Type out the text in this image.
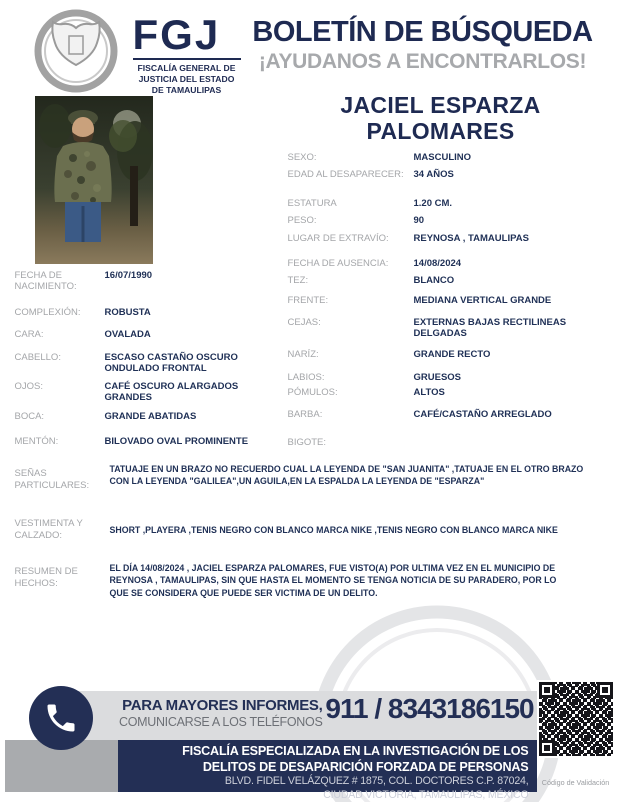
FGJ
FISCALÍA GENERAL DE JUSTICIA DEL ESTADO DE TAMAULIPAS
BOLETÍN DE BÚSQUEDA
¡AYUDANOS A ENCONTRARLOS!
JACIEL ESPARZA PALOMARES
SEXO:	MASCULINO
EDAD AL DESAPARECER: 34 AÑOS
ESTATURA	1.20 CM.
PESO:	90
LUGAR DE EXTRAVÍO:	REYNOSA , TAMAULIPAS
FECHA DE AUSENCIA:	14/08/2024
TEZ:	BLANCO
FRENTE:	MEDIANA VERTICAL GRANDE
CEJAS:	EXTERNAS BAJAS RECTILINEAS DELGADAS
NARÍZ:	GRANDE RECTO
LABIOS:	GRUESOS
PÓMULOS:	ALTOS
BARBA:	CAFÉ/CASTAÑO ARREGLADO
BIGOTE:
FECHA DE NACIMIENTO:16/07/1990
COMPLEXIÓN:	ROBUSTA
CARA:	OVALADA
CABELLO:	ESCASO CASTAÑO OSCURO ONDULADO FRONTAL
OJOS:	CAFÉ OSCURO ALARGADOS GRANDES
BOCA:	GRANDE ABATIDAS
MENTÓN:	BILOVADO OVAL PROMINENTE
SEÑAS PARTICULARES:
TATUAJE EN UN BRAZO NO RECUERDO CUAL LA LEYENDA DE "SAN JUANITA" ,TATUAJE EN EL OTRO BRAZO CON LA LEYENDA "GALILEA",UN AGUILA,EN LA ESPALDA LA LEYENDA DE "ESPARZA"
VESTIMENTA Y CALZADO:	SHORT ,PLAYERA ,TENIS NEGRO CON BLANCO MARCA NIKE ,TENIS NEGRO CON BLANCO MARCA NIKE
RESUMEN DE HECHOS:
EL DÍA 14/08/2024 , JACIEL ESPARZA PALOMARES, FUE VISTO(A) POR ULTIMA VEZ EN EL MUNICIPIO DE REYNOSA , TAMAULIPAS, SIN QUE HASTA EL MOMENTO SE TENGA NOTICIA DE SU PARADERO, POR LO QUE SE CONSIDERA QUE PUEDE SER VICTIMA DE UN DELITO.
FISCALÍA ESPECIALIZADA EN LA INVESTIGACIÓN DE LOS
DELITOS DE DESAPARICIÓN FORZADA DE PERSONAS
BLVD. FIDEL VELÁZQUEZ # 1875, COL. DOCTORES C.P. 87024,
CIUDAD VICTORIA, TAMAULIPAS, MÉXICO
PARA MAYORES INFORMES,
COMUNICARSE A LOS TELÉFONOS 911 / 8343186150
Código de Validación
